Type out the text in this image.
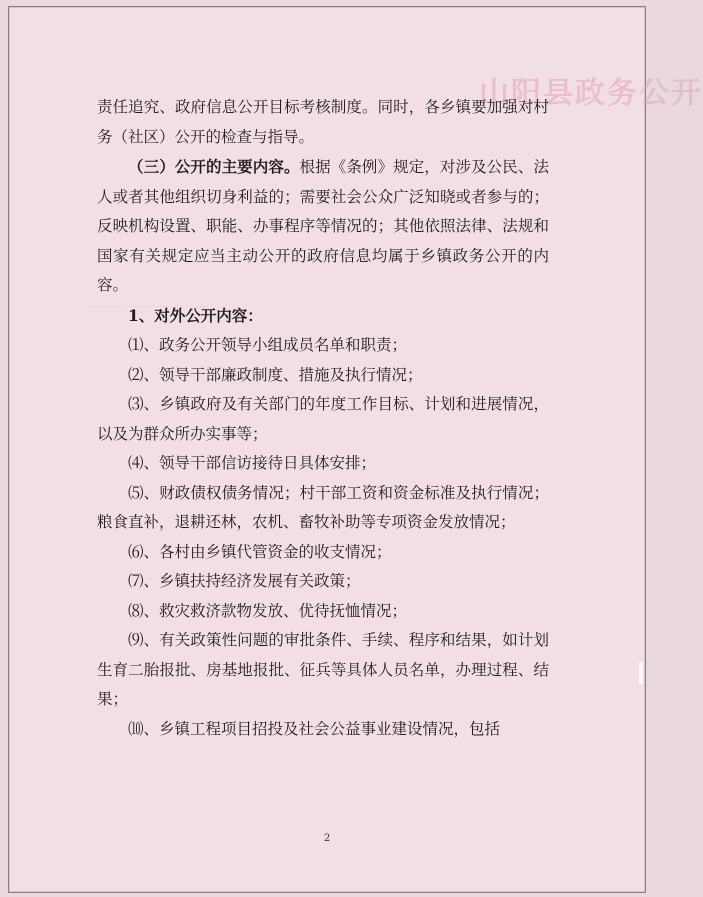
山阳县政务公开
………………………………

责任追究、政府信息公开目标考核制度。同时，各乡镇要加强对村务（社区）公开的检查与指导。

（三）公开的主要内容。根据《条例》规定，对涉及公民、法人或者其他组织切身利益的；需要社会公众广泛知晓或者参与的；反映机构设置、职能、办事程序等情况的；其他依照法律、法规和国家有关规定应当主动公开的政府信息均属于乡镇政务公开的内容。

1、对外公开内容：

⑴、政务公开领导小组成员名单和职责；

⑵、领导干部廉政制度、措施及执行情况；

⑶、乡镇政府及有关部门的年度工作目标、计划和进展情况，以及为群众所办实事等；

⑷、领导干部信访接待日具体安排；

⑸、财政债权债务情况；村干部工资和资金标准及执行情况；粮食直补，退耕还林，农机、畜牧补助等专项资金发放情况；

⑹、各村由乡镇代管资金的收支情况；

⑺、乡镇扶持经济发展有关政策；

⑻、救灾救济款物发放、优待抚恤情况；

⑼、有关政策性问题的审批条件、手续、程序和结果，如计划生育二胎报批、房基地报批、征兵等具体人员名单，办理过程、结果；

⑽、乡镇工程项目招投及社会公益事业建设情况，包括

2
